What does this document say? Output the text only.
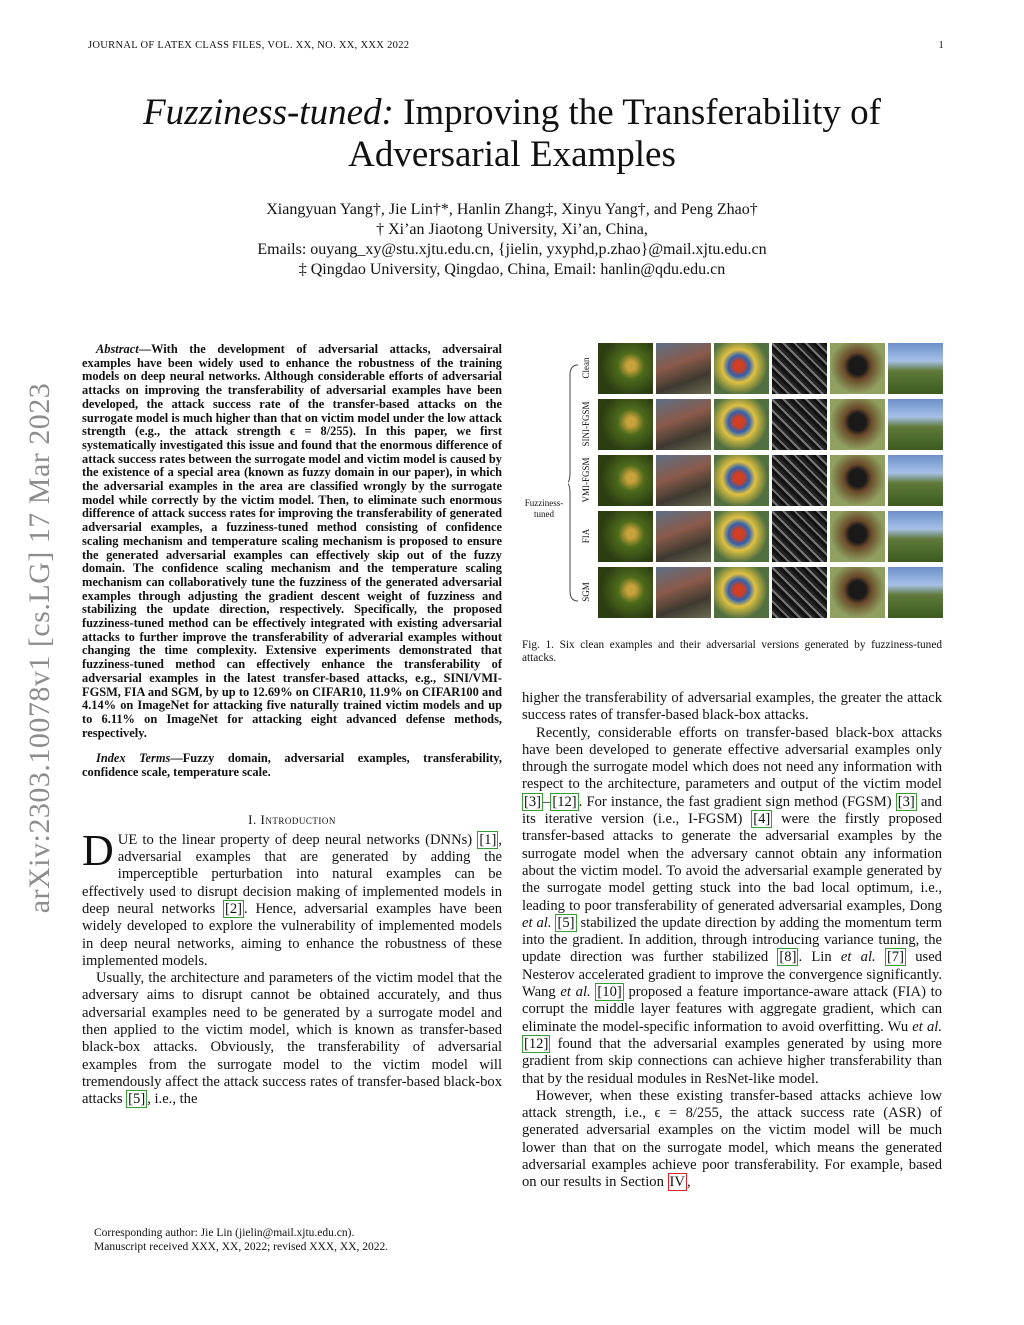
JOURNAL OF LATEX CLASS FILES, VOL. XX, NO. XX, XXX 2022	1
Fuzziness-tuned: Improving the Transferability of
Adversarial Examples
Xiangyuan Yang†, Jie Lin†*, Hanlin Zhang‡, Xinyu Yang†, and Peng Zhao†
† Xi’an Jiaotong University, Xi’an, China,
Emails: ouyang_xy@stu.xjtu.edu.cn, {jielin, yxyphd,p.zhao}@mail.xjtu.edu.cn
‡ Qingdao University, Qingdao, China, Email: hanlin@qdu.edu.cn
arXiv:2303.10078v1 [cs.LG] 17 Mar 2023

Abstract—With the development of adversarial attacks, adversairal examples have been widely used to enhance the robustness of the training models on deep neural networks. Although considerable efforts of adversarial attacks on improving the transferability of adversarial examples have been developed, the attack success rate of the transfer-based attacks on the surrogate model is much higher than that on victim model under the low attack strength (e.g., the attack strength ϵ = 8/255). In this paper, we first systematically investigated this issue and found that the enormous difference of attack success rates between the surrogate model and victim model is caused by the existence of a special area (known as fuzzy domain in our paper), in which the adversarial examples in the area are classified wrongly by the surrogate model while correctly by the victim model. Then, to eliminate such enormous difference of attack success rates for improving the transferability of generated adversarial examples, a fuzziness-tuned method consisting of confidence scaling mechanism and temperature scaling mechanism is proposed to ensure the generated adversarial examples can effectively skip out of the fuzzy domain. The confidence scaling mechanism and the temperature scaling mechanism can collaboratively tune the fuzziness of the generated adversarial examples through adjusting the gradient descent weight of fuzziness and stabilizing the update direction, respectively. Specifically, the proposed fuzziness-tuned method can be effectively integrated with existing adversarial attacks to further improve the transferability of adverarial examples without changing the time complexity. Extensive experiments demonstrated that fuzziness-tuned method can effectively enhance the transferability of adversarial examples in the latest transfer-based attacks, e.g., SINI/VMI-FGSM, FIA and SGM, by up to 12.69% on CIFAR10, 11.9% on CIFAR100 and 4.14% on ImageNet for attacking five naturally trained victim models and up to 6.11% on ImageNet for attacking eight advanced defense methods, respectively.

Index Terms—Fuzzy domain, adversarial examples, transferability, confidence scale, temperature scale.

I. Introduction

DUE to the linear property of deep neural networks (DNNs) [1] , adversarial examples that are generated by adding the imperceptible perturbation into natural examples can be effectively used to disrupt decision making of implemented models in deep neural networks [2] . Hence, adversarial examples have been widely developed to explore the vulnerability of implemented models in deep neural networks, aiming to enhance the robustness of these implemented models.

Usually, the architecture and parameters of the victim model that the adversary aims to disrupt cannot be obtained accurately, and thus adversarial examples need to be generated by a surrogate model and then applied to the victim model, which is known as transfer-based black-box attacks. Obviously, the transferability of adversarial examples from the surrogate model to the victim model will tremendously affect the attack success rates of transfer-based black-box attacks [5] , i.e., the

Corresponding author: Jie Lin (jielin@mail.xjtu.edu.cn).
Manuscript received XXX, XX, 2022; revised XXX, XX, 2022.
Fuzziness-tuned
Clean
SINI-FGSM
VMI-FGSM
FIA
SGM
Fig. 1. Six clean examples and their adversarial versions generated by fuzziness-tuned attacks.

higher the transferability of adversarial examples, the greater the attack success rates of transfer-based black-box attacks.

Recently, considerable efforts on transfer-based black-box attacks have been developed to generate effective adversarial examples only through the surrogate model which does not need any information with respect to the architecture, parameters and output of the victim model [3] – [12] . For instance, the fast gradient sign method (FGSM) [3] and its iterative version (i.e., I-FGSM) [4] were the firstly proposed transfer-based attacks to generate the adversarial examples by the surrogate model when the adversary cannot obtain any information about the victim model. To avoid the adversarial example generated by the surrogate model getting stuck into the bad local optimum, i.e., leading to poor transferability of generated adversarial examples, Dong et al. [5] stabilized the update direction by adding the momentum term into the gradient. In addition, through introducing variance tuning, the update direction was further stabilized [8] . Lin et al. [7] used Nesterov accelerated gradient to improve the convergence significantly. Wang et al. [10] proposed a feature importance-aware attack (FIA) to corrupt the middle layer features with aggregate gradient, which can eliminate the model-specific information to avoid overfitting. Wu et al. [12] found that the adversarial examples generated by using more gradient from skip connections can achieve higher transferability than that by the residual modules in ResNet-like model.

However, when these existing transfer-based attacks achieve low attack strength, i.e., ϵ = 8/255, the attack success rate (ASR) of generated adversarial examples on the victim model will be much lower than that on the surrogate model, which means the generated adversarial examples achieve poor transferability. For example, based on our results in Section IV ,
